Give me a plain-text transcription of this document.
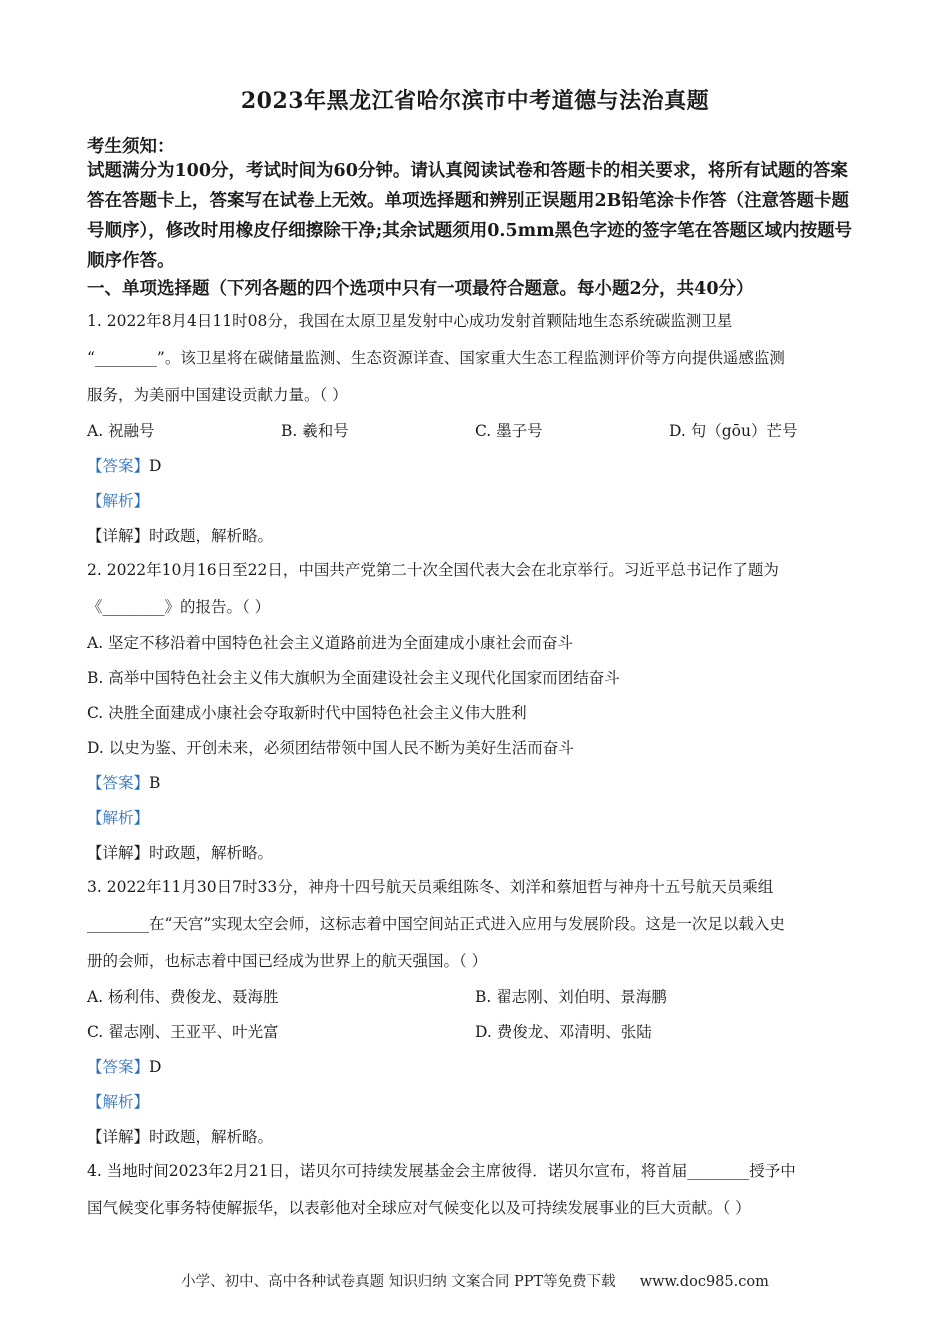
2023年黑龙江省哈尔滨市中考道德与法治真题
考生须知：
试题满分为100分，考试时间为60分钟。请认真阅读试卷和答题卡的相关要求，将所有试题的答案答在答题卡上，答案写在试卷上无效。单项选择题和辨别正误题用2B铅笔涂卡作答（注意答题卡题号顺序），修改时用橡皮仔细擦除干净;其余试题须用0.5mm黑色字迹的签字笔在答题区域内按题号顺序作答。
一、单项选择题（下列各题的四个选项中只有一项最符合题意。每小题2分，共40分）
1. 2022年8月4日11时08分，我国在太原卫星发射中心成功发射首颗陆地生态系统碳监测卫星
“________”。该卫星将在碳储量监测、生态资源详查、国家重大生态工程监测评价等方向提供遥感监测
服务，为美丽中国建设贡献力量。（ ）
A. 祝融号	B. 羲和号	C. 墨子号	D. 句（gōu）芒号
【答案】D
【解析】
【详解】时政题，解析略。
2. 2022年10月16日至22日，中国共产党第二十次全国代表大会在北京举行。习近平总书记作了题为
《________》的报告。（ ）
A. 坚定不移沿着中国特色社会主义道路前进为全面建成小康社会而奋斗
B. 高举中国特色社会主义伟大旗帜为全面建设社会主义现代化国家而团结奋斗
C. 决胜全面建成小康社会夺取新时代中国特色社会主义伟大胜利
D. 以史为鉴、开创未来，必须团结带领中国人民不断为美好生活而奋斗
【答案】B
【解析】
【详解】时政题，解析略。
3. 2022年11月30日7时33分，神舟十四号航天员乘组陈冬、刘洋和蔡旭哲与神舟十五号航天员乘组
________在“天宫”实现太空会师，这标志着中国空间站正式进入应用与发展阶段。这是一次足以载入史
册的会师，也标志着中国已经成为世界上的航天强国。（ ）
A. 杨利伟、费俊龙、聂海胜	B. 翟志刚、刘伯明、景海鹏
C. 翟志刚、王亚平、叶光富	D. 费俊龙、邓清明、张陆
【答案】D
【解析】
【详解】时政题，解析略。
4. 当地时间2023年2月21日，诺贝尔可持续发展基金会主席彼得．诺贝尔宣布，将首届________授予中
国气候变化事务特使解振华，以表彰他对全球应对气候变化以及可持续发展事业的巨大贡献。（ ）
小学、初中、高中各种试卷真题 知识归纳 文案合同 PPT等免费下载 www.doc985.com
